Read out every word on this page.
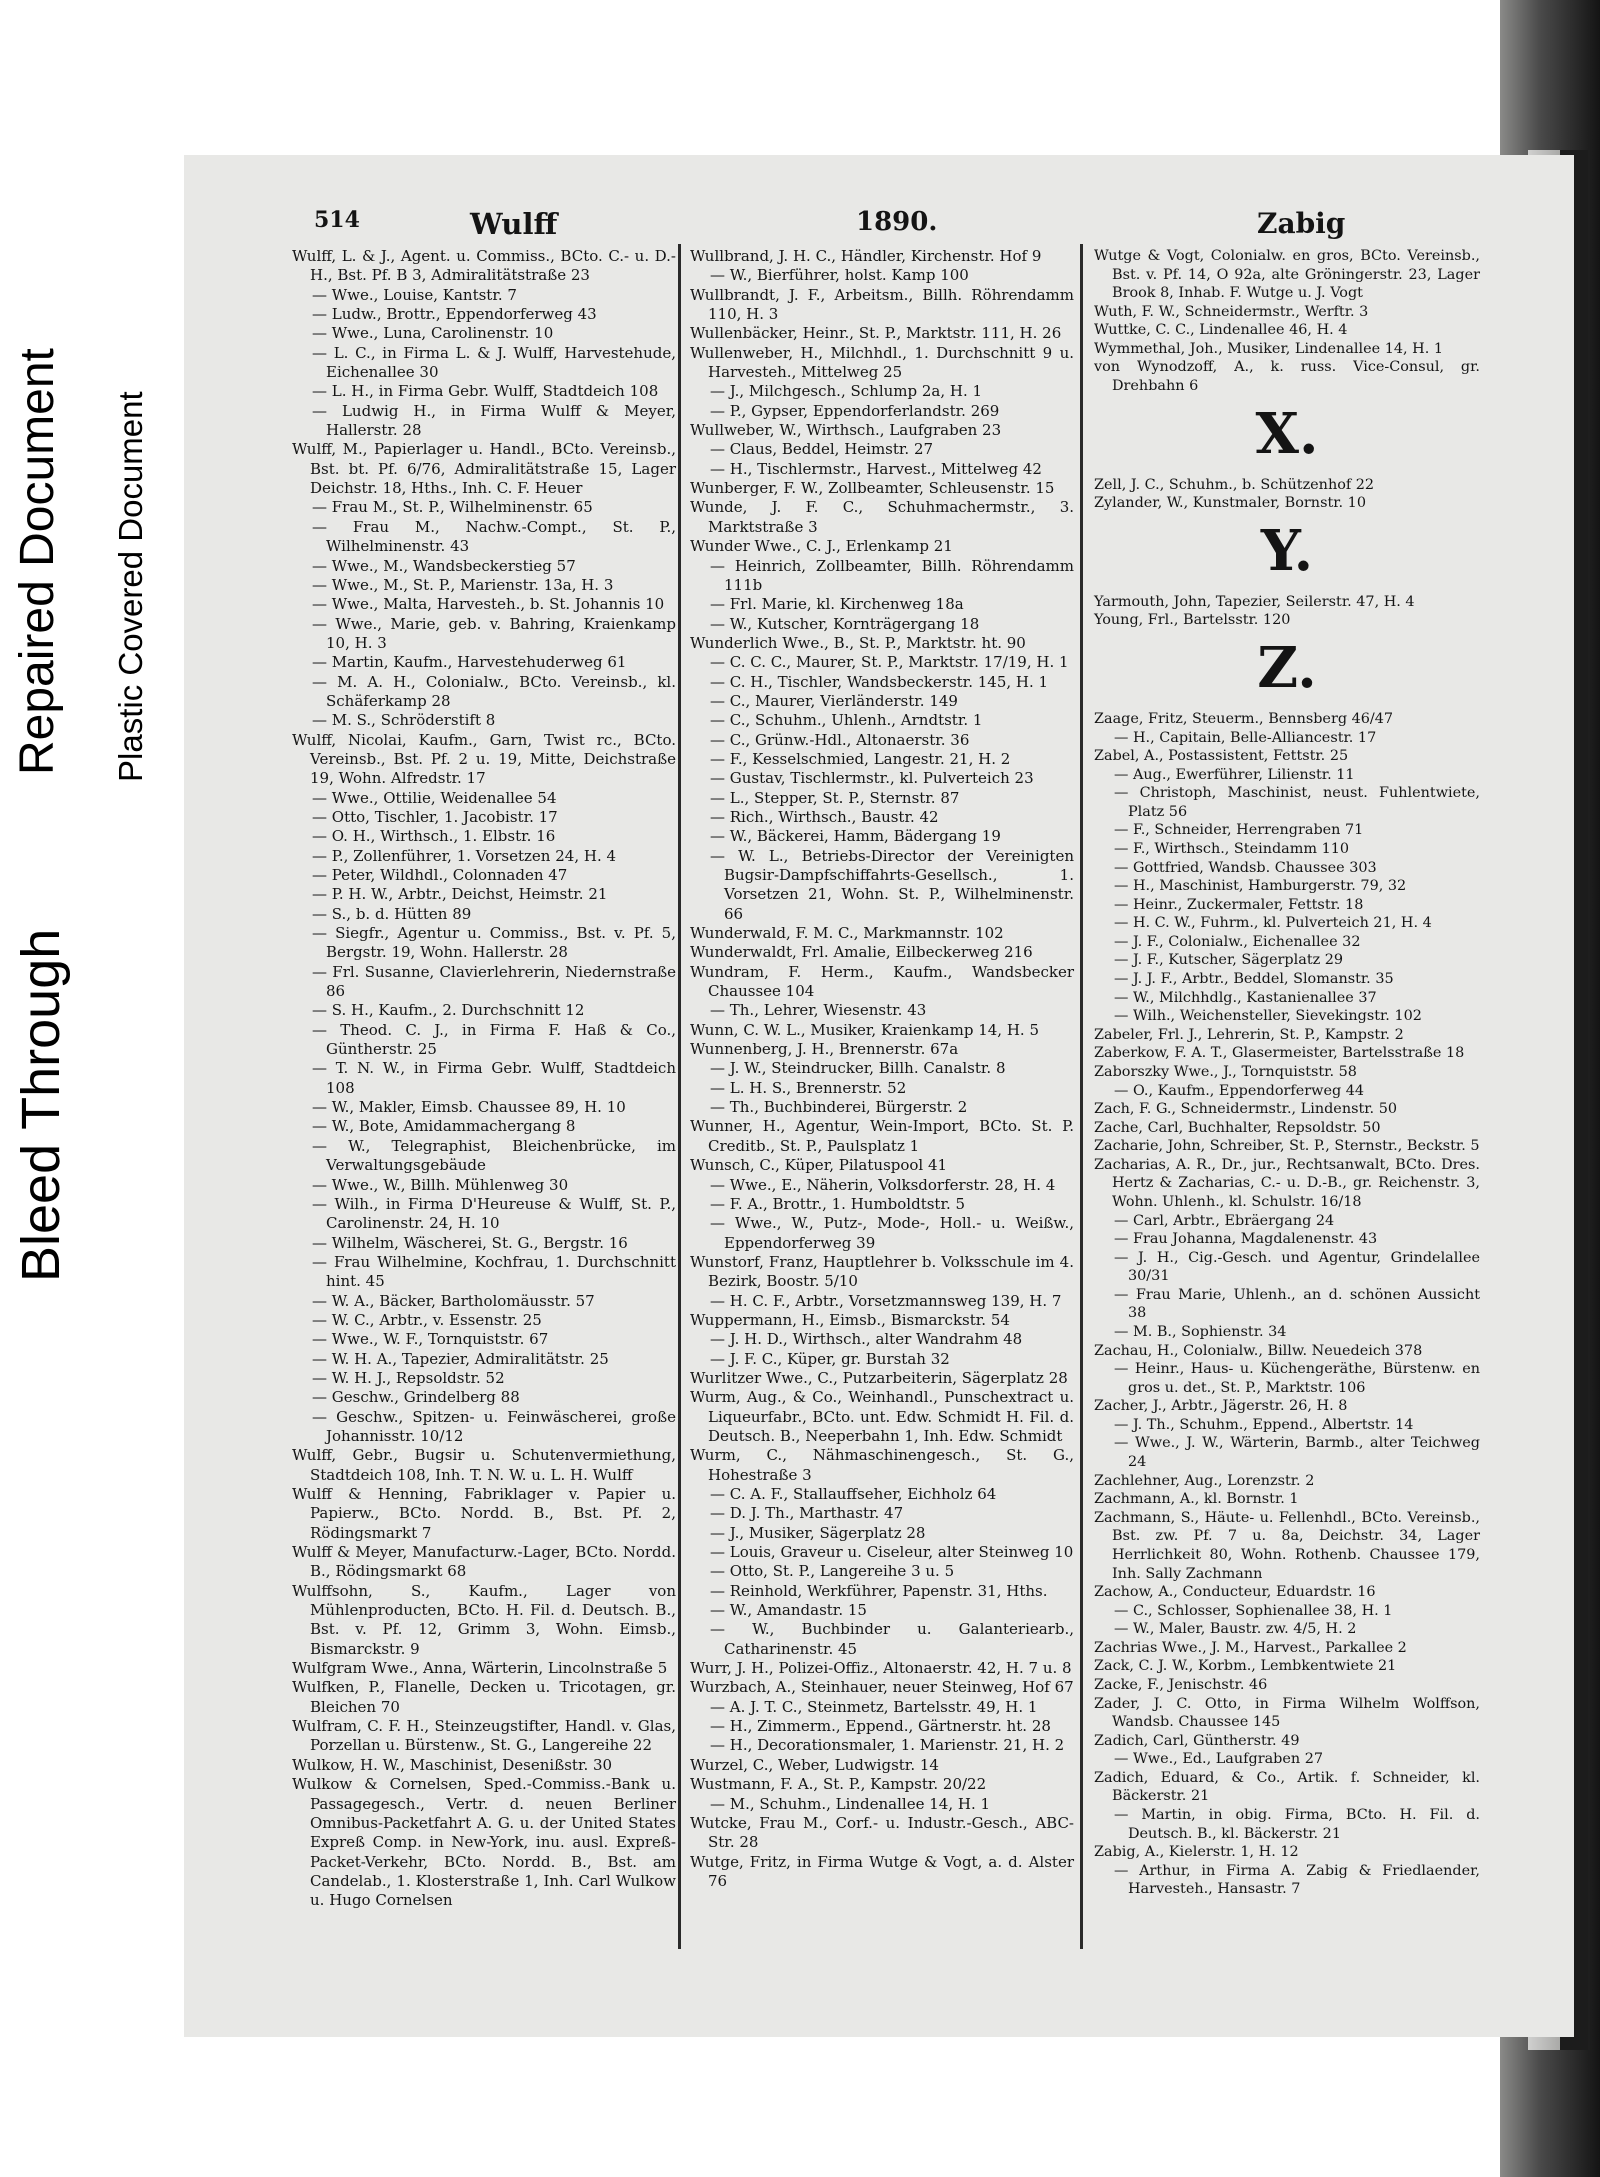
Bleed Through
Repaired Document Plastic Covered Document
514	Wulff	1890.	Zabig

Wulff, L. & J., Agent. u. Commiss., BCto. C.- u. D.-H., Bst. Pf. B 3, Admiralitätstraße 23

— Wwe., Louise, Kantstr. 7

— Ludw., Brottr., Eppendorferweg 43

— Wwe., Luna, Carolinenstr. 10

— L. C., in Firma L. & J. Wulff, Harvestehude, Eichenallee 30

— L. H., in Firma Gebr. Wulff, Stadtdeich 108

— Ludwig H., in Firma Wulff & Meyer, Hallerstr. 28

Wulff, M., Papierlager u. Handl., BCto. Vereinsb., Bst. bt. Pf. 6/76, Admiralitätstraße 15, Lager Deichstr. 18, Hths., Inh. C. F. Heuer

— Frau M., St. P., Wilhelminenstr. 65

— Frau M., Nachw.-Compt., St. P., Wilhelminenstr. 43

— Wwe., M., Wandsbeckerstieg 57

— Wwe., M., St. P., Marienstr. 13a, H. 3

— Wwe., Malta, Harvesteh., b. St. Johannis 10

— Wwe., Marie, geb. v. Bahring, Kraienkamp 10, H. 3

— Martin, Kaufm., Harvestehuderweg 61

— M. A. H., Colonialw., BCto. Vereinsb., kl. Schäferkamp 28

— M. S., Schröderstift 8

Wulff, Nicolai, Kaufm., Garn, Twist rc., BCto. Vereinsb., Bst. Pf. 2 u. 19, Mitte, Deichstraße 19, Wohn. Alfredstr. 17

— Wwe., Ottilie, Weidenallee 54

— Otto, Tischler, 1. Jacobistr. 17

— O. H., Wirthsch., 1. Elbstr. 16

— P., Zollenführer, 1. Vorsetzen 24, H. 4

— Peter, Wildhdl., Colonnaden 47

— P. H. W., Arbtr., Deichst, Heimstr. 21

— S., b. d. Hütten 89

— Siegfr., Agentur u. Commiss., Bst. v. Pf. 5, Bergstr. 19, Wohn. Hallerstr. 28

— Frl. Susanne, Clavierlehrerin, Niedernstraße 86

— S. H., Kaufm., 2. Durchschnitt 12

— Theod. C. J., in Firma F. Haß & Co., Güntherstr. 25

— T. N. W., in Firma Gebr. Wulff, Stadtdeich 108

— W., Makler, Eimsb. Chaussee 89, H. 10

— W., Bote, Amidammachergang 8

— W., Telegraphist, Bleichenbrücke, im Verwaltungsgebäude

— Wwe., W., Billh. Mühlenweg 30

— Wilh., in Firma D'Heureuse & Wulff, St. P., Carolinenstr. 24, H. 10

— Wilhelm, Wäscherei, St. G., Bergstr. 16

— Frau Wilhelmine, Kochfrau, 1. Durchschnitt hint. 45

— W. A., Bäcker, Bartholomäusstr. 57

— W. C., Arbtr., v. Essenstr. 25

— Wwe., W. F., Tornquiststr. 67

— W. H. A., Tapezier, Admiralitätstr. 25

— W. H. J., Repsoldstr. 52

— Geschw., Grindelberg 88

— Geschw., Spitzen- u. Feinwäscherei, große Johannisstr. 10/12

Wulff, Gebr., Bugsir u. Schutenvermiethung, Stadtdeich 108, Inh. T. N. W. u. L. H. Wulff

Wulff & Henning, Fabriklager v. Papier u. Papierw., BCto. Nordd. B., Bst. Pf. 2, Rödingsmarkt 7

Wulff & Meyer, Manufacturw.-Lager, BCto. Nordd. B., Rödingsmarkt 68

Wulffsohn, S., Kaufm., Lager von Mühlenproducten, BCto. H. Fil. d. Deutsch. B., Bst. v. Pf. 12, Grimm 3, Wohn. Eimsb., Bismarckstr. 9

Wulfgram Wwe., Anna, Wärterin, Lincolnstraße 5

Wulfken, P., Flanelle, Decken u. Tricotagen, gr. Bleichen 70

Wulfram, C. F. H., Steinzeugstifter, Handl. v. Glas, Porzellan u. Bürstenw., St. G., Langereihe 22

Wulkow, H. W., Maschinist, Desenißstr. 30

Wulkow & Cornelsen, Sped.-Commiss.-Bank u. Passagegesch., Vertr. d. neuen Berliner Omnibus-Packetfahrt A. G. u. der United States Expreß Comp. in New-York, inu. ausl. Expreß-Packet-Verkehr, BCto. Nordd. B., Bst. am Candelab., 1. Klosterstraße 1, Inh. Carl Wulkow u. Hugo Cornelsen

Wullbrand, J. H. C., Händler, Kirchenstr. Hof 9

— W., Bierführer, holst. Kamp 100

Wullbrandt, J. F., Arbeitsm., Billh. Röhrendamm 110, H. 3

Wullenbäcker, Heinr., St. P., Marktstr. 111, H. 26

Wullenweber, H., Milchhdl., 1. Durchschnitt 9 u. Harvesteh., Mittelweg 25

— J., Milchgesch., Schlump 2a, H. 1

— P., Gypser, Eppendorferlandstr. 269

Wullweber, W., Wirthsch., Laufgraben 23

— Claus, Beddel, Heimstr. 27

— H., Tischlermstr., Harvest., Mittelweg 42

Wunberger, F. W., Zollbeamter, Schleusenstr. 15

Wunde, J. F. C., Schuhmachermstr., 3. Marktstraße 3

Wunder Wwe., C. J., Erlenkamp 21

— Heinrich, Zollbeamter, Billh. Röhrendamm 111b

— Frl. Marie, kl. Kirchenweg 18a

— W., Kutscher, Kornträgergang 18

Wunderlich Wwe., B., St. P., Marktstr. ht. 90

— C. C. C., Maurer, St. P., Marktstr. 17/19, H. 1

— C. H., Tischler, Wandsbeckerstr. 145, H. 1

— C., Maurer, Vierländerstr. 149

— C., Schuhm., Uhlenh., Arndtstr. 1

— C., Grünw.-Hdl., Altonaerstr. 36

— F., Kesselschmied, Langestr. 21, H. 2

— Gustav, Tischlermstr., kl. Pulverteich 23

— L., Stepper, St. P., Sternstr. 87

— Rich., Wirthsch., Baustr. 42

— W., Bäckerei, Hamm, Bädergang 19

— W. L., Betriebs-Director der Vereinigten Bugsir-Dampfschiffahrts-Gesellsch., 1. Vorsetzen 21, Wohn. St. P., Wilhelminenstr. 66

Wunderwald, F. M. C., Markmannstr. 102

Wunderwaldt, Frl. Amalie, Eilbeckerweg 216

Wundram, F. Herm., Kaufm., Wandsbecker Chaussee 104

— Th., Lehrer, Wiesenstr. 43

Wunn, C. W. L., Musiker, Kraienkamp 14, H. 5

Wunnenberg, J. H., Brennerstr. 67a

— J. W., Steindrucker, Billh. Canalstr. 8

— L. H. S., Brennerstr. 52

— Th., Buchbinderei, Bürgerstr. 2

Wunner, H., Agentur, Wein-Import, BCto. St. P. Creditb., St. P., Paulsplatz 1

Wunsch, C., Küper, Pilatuspool 41

— Wwe., E., Näherin, Volksdorferstr. 28, H. 4

— F. A., Brottr., 1. Humboldtstr. 5

— Wwe., W., Putz-, Mode-, Holl.- u. Weißw., Eppendorferweg 39

Wunstorf, Franz, Hauptlehrer b. Volksschule im 4. Bezirk, Boostr. 5/10

— H. C. F., Arbtr., Vorsetzmannsweg 139, H. 7

Wuppermann, H., Eimsb., Bismarckstr. 54

— J. H. D., Wirthsch., alter Wandrahm 48

— J. F. C., Küper, gr. Burstah 32

Wurlitzer Wwe., C., Putzarbeiterin, Sägerplatz 28

Wurm, Aug., & Co., Weinhandl., Punschextract u. Liqueurfabr., BCto. unt. Edw. Schmidt H. Fil. d. Deutsch. B., Neeperbahn 1, Inh. Edw. Schmidt

Wurm, C., Nähmaschinengesch., St. G., Hohestraße 3

— C. A. F., Stallauffseher, Eichholz 64

— D. J. Th., Marthastr. 47

— J., Musiker, Sägerplatz 28

— Louis, Graveur u. Ciseleur, alter Steinweg 10

— Otto, St. P., Langereihe 3 u. 5

— Reinhold, Werkführer, Papenstr. 31, Hths.

— W., Amandastr. 15

— W., Buchbinder u. Galanteriearb., Catharinenstr. 45

Wurr, J. H., Polizei-Offiz., Altonaerstr. 42, H. 7 u. 8

Wurzbach, A., Steinhauer, neuer Steinweg, Hof 67

— A. J. T. C., Steinmetz, Bartelsstr. 49, H. 1

— H., Zimmerm., Eppend., Gärtnerstr. ht. 28

— H., Decorationsmaler, 1. Marienstr. 21, H. 2

Wurzel, C., Weber, Ludwigstr. 14

Wustmann, F. A., St. P., Kampstr. 20/22

— M., Schuhm., Lindenallee 14, H. 1

Wutcke, Frau M., Corf.- u. Industr.-Gesch., ABC-Str. 28

Wutge, Fritz, in Firma Wutge & Vogt, a. d. Alster 76

Wutge & Vogt, Colonialw. en gros, BCto. Vereinsb., Bst. v. Pf. 14, O 92a, alte Gröningerstr. 23, Lager Brook 8, Inhab. F. Wutge u. J. Vogt

Wuth, F. W., Schneidermstr., Werftr. 3

Wuttke, C. C., Lindenallee 46, H. 4

Wymmethal, Joh., Musiker, Lindenallee 14, H. 1

von Wynodzoff, A., k. russ. Vice-Consul, gr. Drehbahn 6

X.

Zell, J. C., Schuhm., b. Schützenhof 22

Zylander, W., Kunstmaler, Bornstr. 10

Y.

Yarmouth, John, Tapezier, Seilerstr. 47, H. 4

Young, Frl., Bartelsstr. 120

Z.

Zaage, Fritz, Steuerm., Bennsberg 46/47

— H., Capitain, Belle-Alliancestr. 17

Zabel, A., Postassistent, Fettstr. 25

— Aug., Ewerführer, Lilienstr. 11

— Christoph, Maschinist, neust. Fuhlentwiete, Platz 56

— F., Schneider, Herrengraben 71

— F., Wirthsch., Steindamm 110

— Gottfried, Wandsb. Chaussee 303

— H., Maschinist, Hamburgerstr. 79, 32

— Heinr., Zuckermaler, Fettstr. 18

— H. C. W., Fuhrm., kl. Pulverteich 21, H. 4

— J. F., Colonialw., Eichenallee 32

— J. F., Kutscher, Sägerplatz 29

— J. J. F., Arbtr., Beddel, Slomanstr. 35

— W., Milchhdlg., Kastanienallee 37

— Wilh., Weichensteller, Sievekingstr. 102

Zabeler, Frl. J., Lehrerin, St. P., Kampstr. 2

Zaberkow, F. A. T., Glasermeister, Bartelsstraße 18

Zaborszky Wwe., J., Tornquiststr. 58

— O., Kaufm., Eppendorferweg 44

Zach, F. G., Schneidermstr., Lindenstr. 50

Zache, Carl, Buchhalter, Repsoldstr. 50

Zacharie, John, Schreiber, St. P., Sternstr., Beckstr. 5

Zacharias, A. R., Dr., jur., Rechtsanwalt, BCto. Dres. Hertz & Zacharias, C.- u. D.-B., gr. Reichenstr. 3, Wohn. Uhlenh., kl. Schulstr. 16/18

— Carl, Arbtr., Ebräergang 24

— Frau Johanna, Magdalenenstr. 43

— J. H., Cig.-Gesch. und Agentur, Grindelallee 30/31

— Frau Marie, Uhlenh., an d. schönen Aussicht 38

— M. B., Sophienstr. 34

Zachau, H., Colonialw., Billw. Neuedeich 378

— Heinr., Haus- u. Küchengeräthe, Bürstenw. en gros u. det., St. P., Marktstr. 106

Zacher, J., Arbtr., Jägerstr. 26, H. 8

— J. Th., Schuhm., Eppend., Albertstr. 14

— Wwe., J. W., Wärterin, Barmb., alter Teichweg 24

Zachlehner, Aug., Lorenzstr. 2

Zachmann, A., kl. Bornstr. 1

Zachmann, S., Häute- u. Fellenhdl., BCto. Vereinsb., Bst. zw. Pf. 7 u. 8a, Deichstr. 34, Lager Herrlichkeit 80, Wohn. Rothenb. Chaussee 179, Inh. Sally Zachmann

Zachow, A., Conducteur, Eduardstr. 16

— C., Schlosser, Sophienallee 38, H. 1

— W., Maler, Baustr. zw. 4/5, H. 2

Zachrias Wwe., J. M., Harvest., Parkallee 2

Zack, C. J. W., Korbm., Lembkentwiete 21

Zacke, F., Jenischstr. 46

Zader, J. C. Otto, in Firma Wilhelm Wolffson, Wandsb. Chaussee 145

Zadich, Carl, Güntherstr. 49

— Wwe., Ed., Laufgraben 27

Zadich, Eduard, & Co., Artik. f. Schneider, kl. Bäckerstr. 21

— Martin, in obig. Firma, BCto. H. Fil. d. Deutsch. B., kl. Bäckerstr. 21

Zabig, A., Kielerstr. 1, H. 12

— Arthur, in Firma A. Zabig & Friedlaender, Harvesteh., Hansastr. 7
